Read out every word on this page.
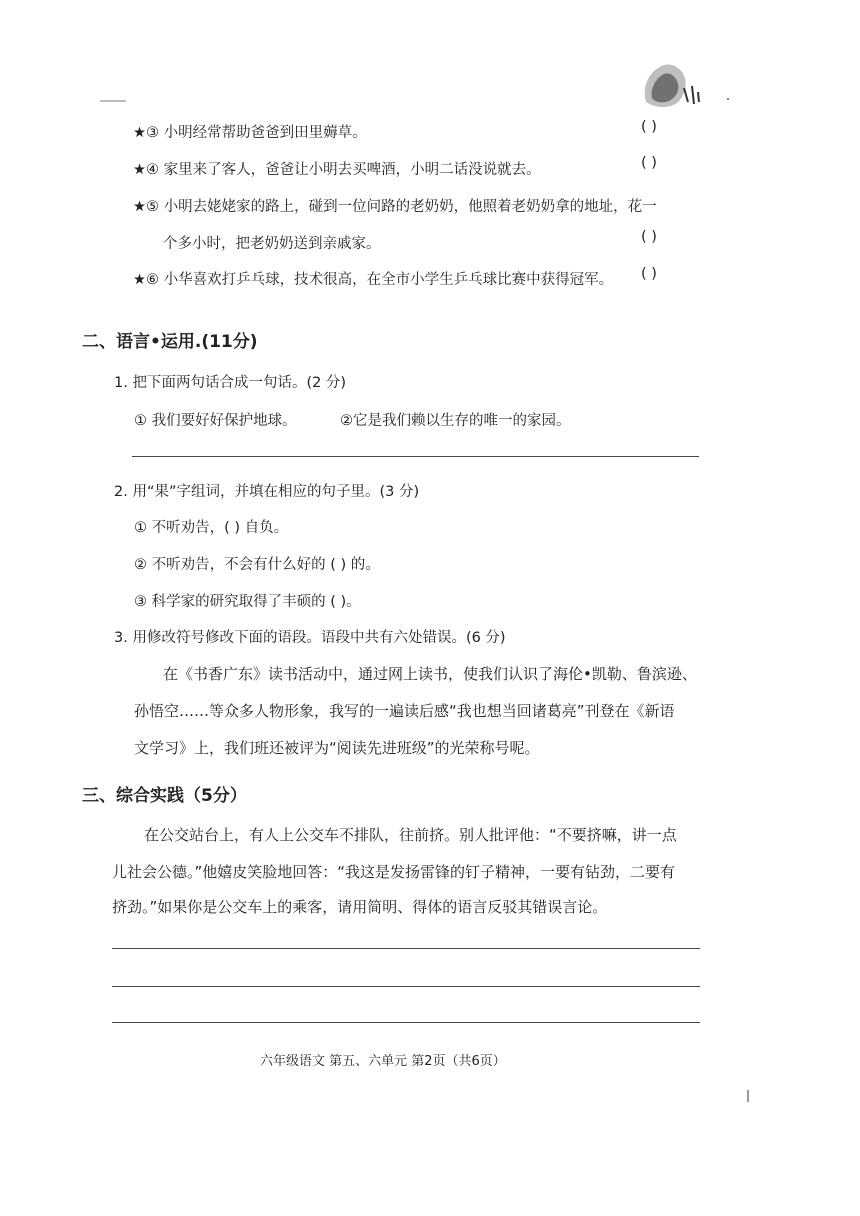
★③ 小明经常帮助爸爸到田里薅草。	( )
★④ 家里来了客人，爸爸让小明去买啤酒，小明二话没说就去。	( )
★⑤ 小明去姥姥家的路上，碰到一位问路的老奶奶，他照着老奶奶拿的地址，花一
个多小时，把老奶奶送到亲戚家。	( )
★⑥ 小华喜欢打乒乓球，技术很高，在全市小学生乒乓球比赛中获得冠军。 ( )
二、语言•运用.(11分)
1. 把下面两句话合成一句话。(2 分)
① 我们要好好保护地球。	②它是我们赖以生存的唯一的家园。
2. 用“果”字组词，并填在相应的句子里。(3 分)
① 不听劝告，( ) 自负。
② 不听劝告，不会有什么好的 ( ) 的。
③ 科学家的研究取得了丰硕的 ( )。
3. 用修改符号修改下面的语段。语段中共有六处错误。(6 分)
在《书香广东》读书活动中，通过网上读书，使我们认识了海伦•凯勒、鲁滨逊、
孙悟空……等众多人物形象，我写的一遍读后感“我也想当回诸葛亮”刊登在《新语
文学习》上，我们班还被评为“阅读先进班级”的光荣称号呢。
三、综合实践（5分）
在公交站台上，有人上公交车不排队，往前挤。别人批评他：“不要挤嘛，讲一点
儿社会公德。”他嬉皮笑脸地回答：“我这是发扬雷锋的钉子精神，一要有钻劲，二要有
挤劲。”如果你是公交车上的乘客，请用简明、得体的语言反驳其错误言论。
六年级语文 第五、六单元 第2页（共6页）
